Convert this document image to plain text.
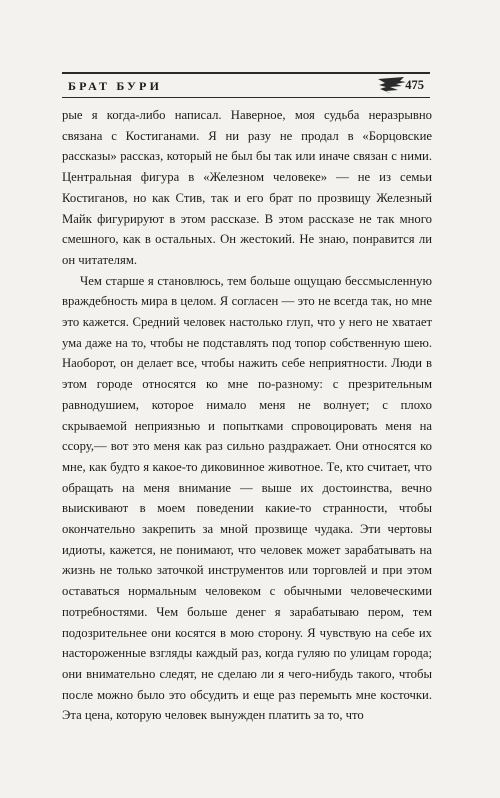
БРАТ БУРИ	475

рые я когда-либо написал. Наверное, моя судьба неразрывно связана с Костиганами. Я ни разу не продал в «Борцовские рассказы» рассказ, который не был бы так или иначе связан с ними. Центральная фигура в «Железном человеке» — не из семьи Костиганов, но как Стив, так и его брат по прозвищу Железный Майк фигурируют в этом рассказе. В этом рассказе не так много смешного, как в остальных. Он жестокий. Не знаю, понравится ли он читателям.

Чем старше я становлюсь, тем больше ощущаю бессмысленную враждебность мира в целом. Я согласен — это не всегда так, но мне это кажется. Средний человек настолько глуп, что у него не хватает ума даже на то, чтобы не подставлять под топор собственную шею. Наоборот, он делает все, чтобы нажить себе неприятности. Люди в этом городе относятся ко мне по-разному: с презрительным равнодушием, которое нимало меня не волнует; с плохо скрываемой неприязнью и попытками спровоцировать меня на ссору,— вот это меня как раз сильно раздражает. Они относятся ко мне, как будто я какое-то диковинное животное. Те, кто считает, что обращать на меня внимание — выше их достоинства, вечно выискивают в моем поведении какие-то странности, чтобы окончательно закрепить за мной прозвище чудака. Эти чертовы идиоты, кажется, не понимают, что человек может зарабатывать на жизнь не только заточкой инструментов или торговлей и при этом оставаться нормальным человеком с обычными человеческими потребностями. Чем больше денег я зарабатываю пером, тем подозрительнее они косятся в мою сторону. Я чувствую на себе их настороженные взгляды каждый раз, когда гуляю по улицам города; они внимательно следят, не сделаю ли я чего-нибудь такого, чтобы после можно было это обсудить и еще раз перемыть мне косточки. Эта цена, которую человек вынужден платить за то, что
